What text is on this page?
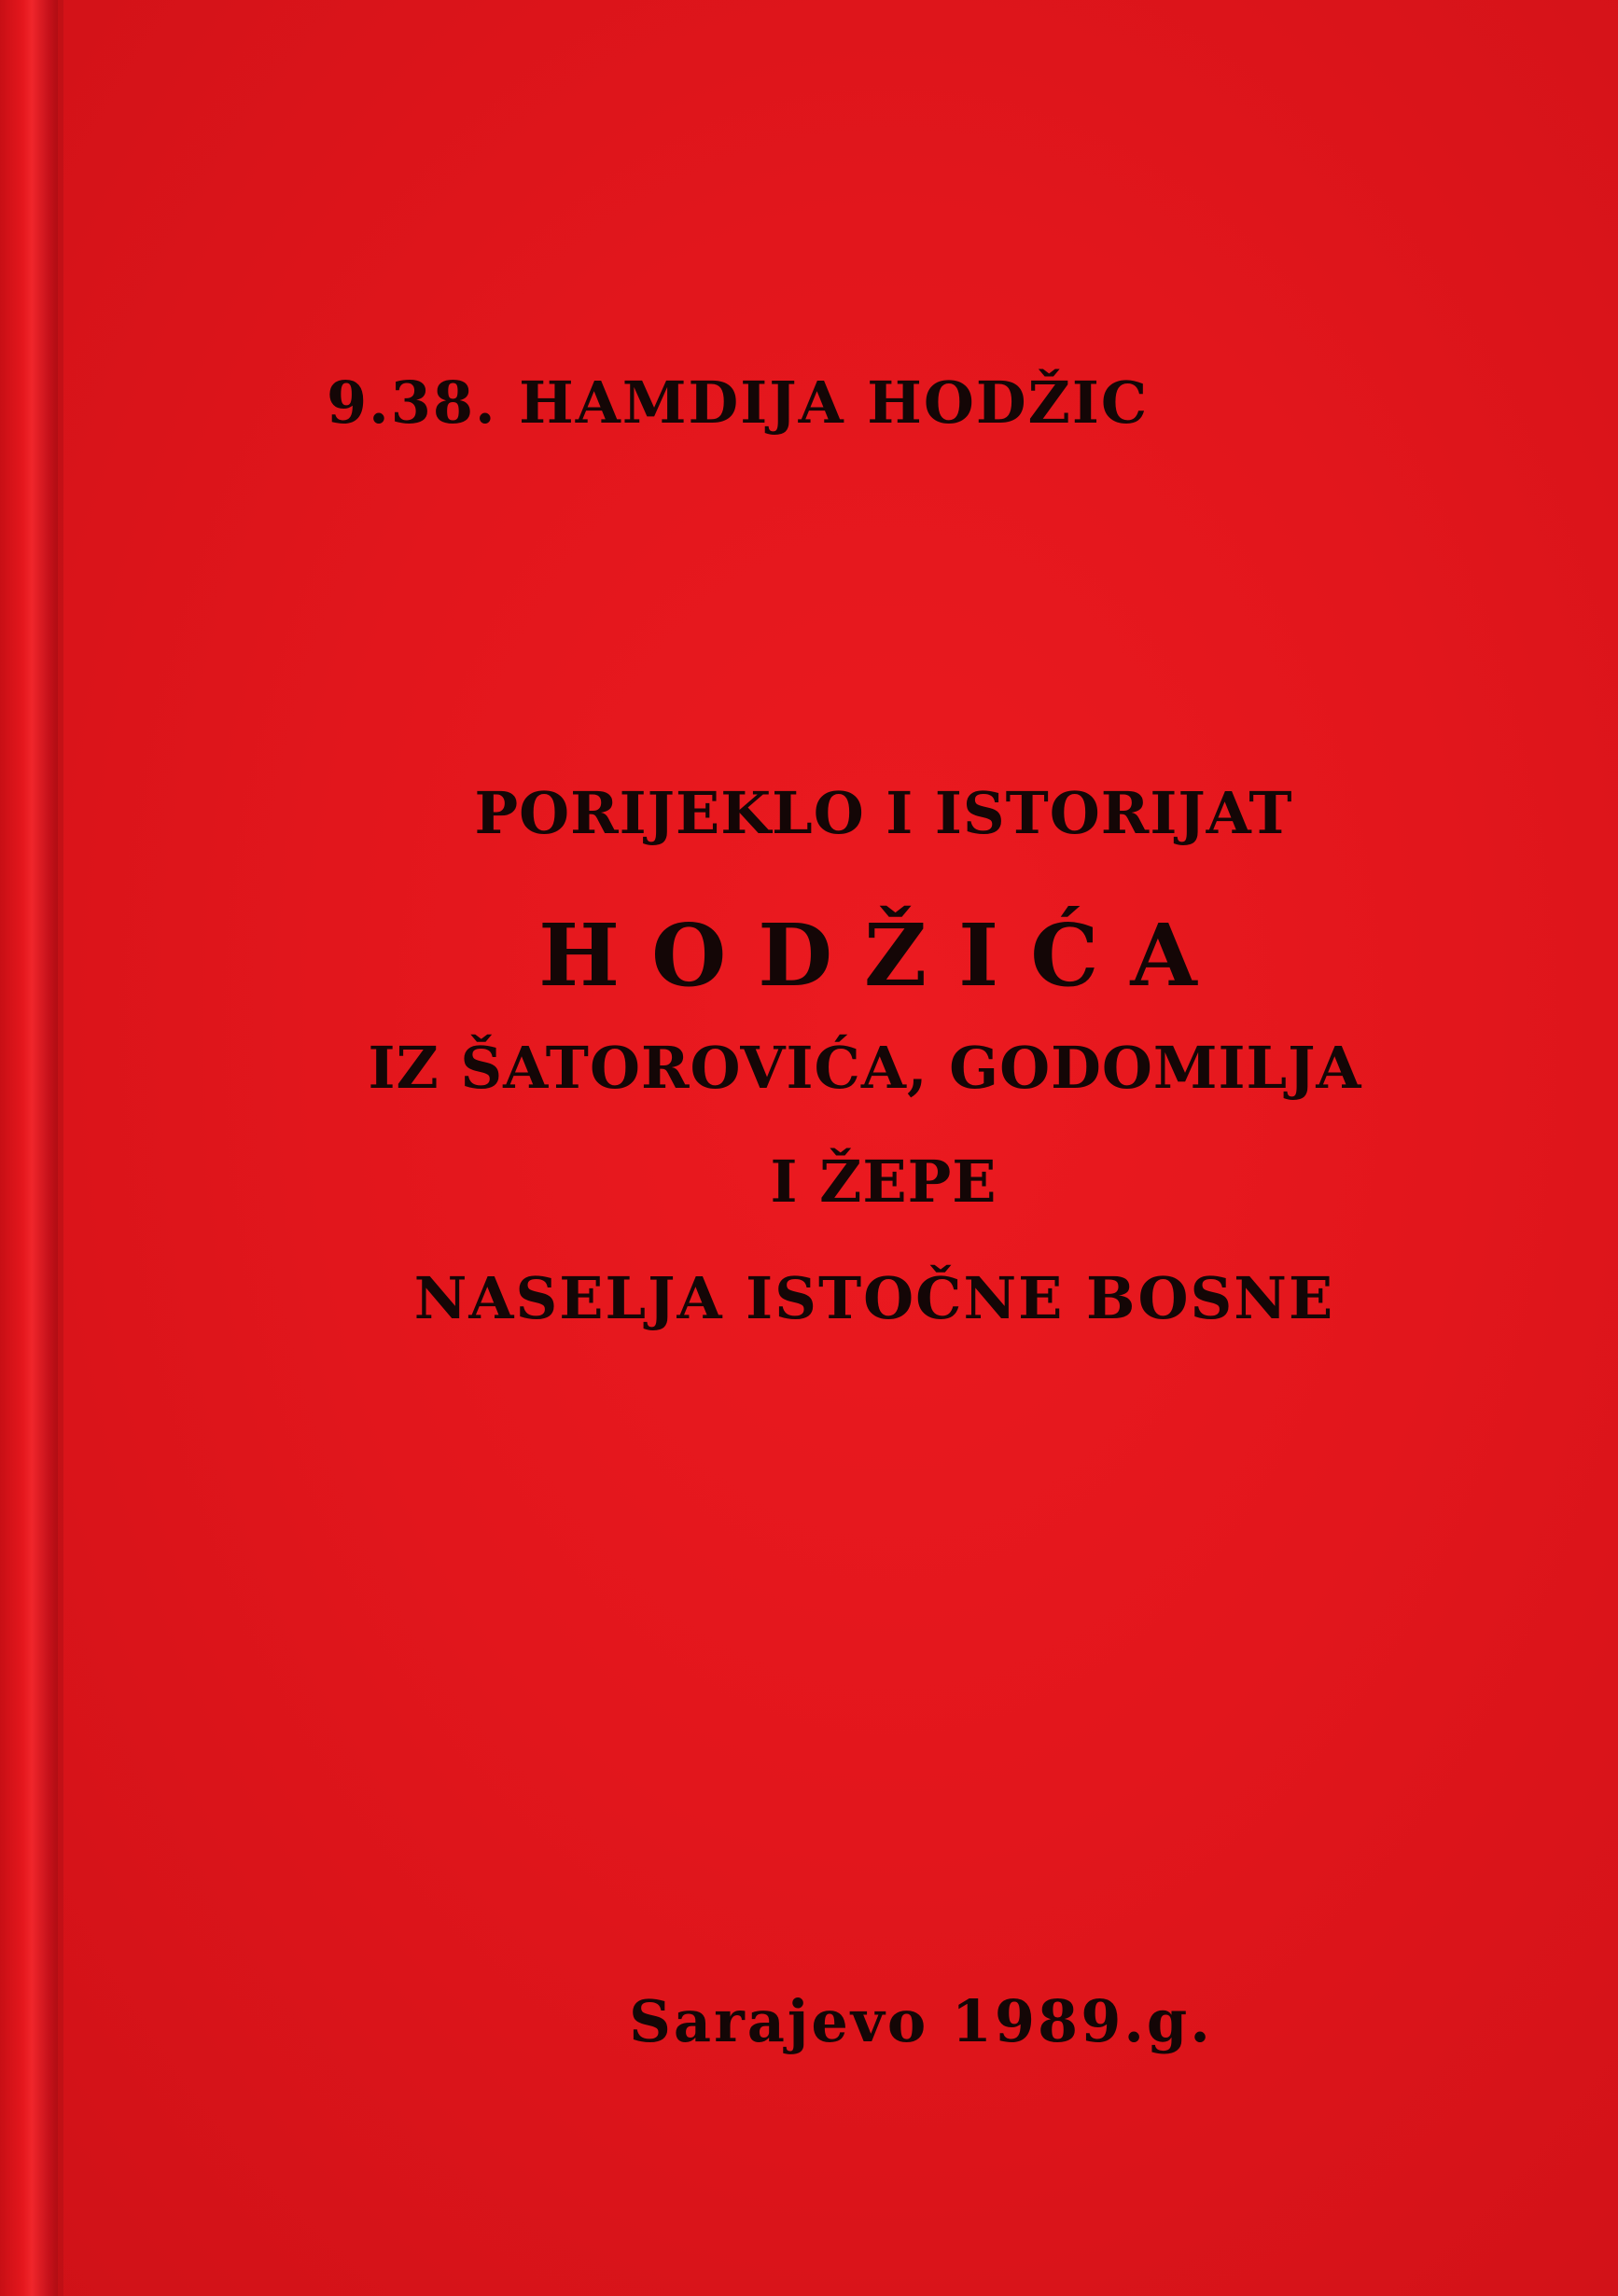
9.38. HAMDIJA HODŽIC

PORIJEKLO I ISTORIJAT

HODŽIĆA

IZ ŠATOROVIĆA, GODOMILJA

I ŽEPE

NASELJA ISTOČNE BOSNE

Sarajevo 1989.g.
